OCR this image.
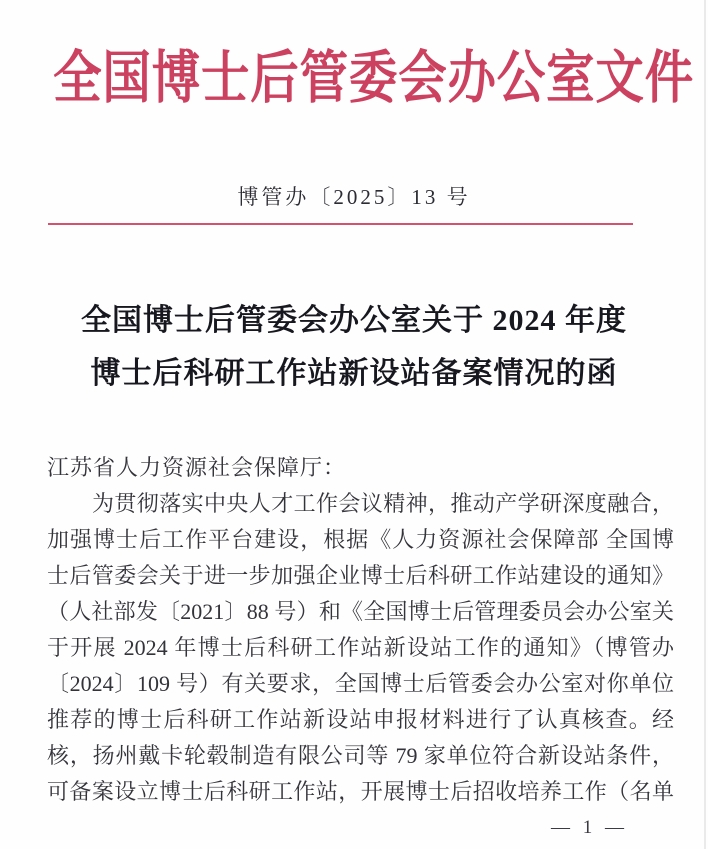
全国博士后管委会办公室文件
博管办〔2025〕13 号
全国博士后管委会办公室关于 2024 年度
博士后科研工作站新设站备案情况的函
江苏省人力资源社会保障厅：
为贯彻落实中央人才工作会议精神，推动产学研深度融合，
加强博士后工作平台建设，根据《人力资源社会保障部 全国博
士后管委会关于进一步加强企业博士后科研工作站建设的通知》
（人社部发〔2021〕88 号）和《全国博士后管理委员会办公室关
于开展 2024 年博士后科研工作站新设站工作的通知》（博管办
〔2024〕109 号）有关要求，全国博士后管委会办公室对你单位
推荐的博士后科研工作站新设站申报材料进行了认真核查。经
核，扬州戴卡轮毂制造有限公司等 79 家单位符合新设站条件，
可备案设立博士后科研工作站，开展博士后招收培养工作（名单
— 1 —
